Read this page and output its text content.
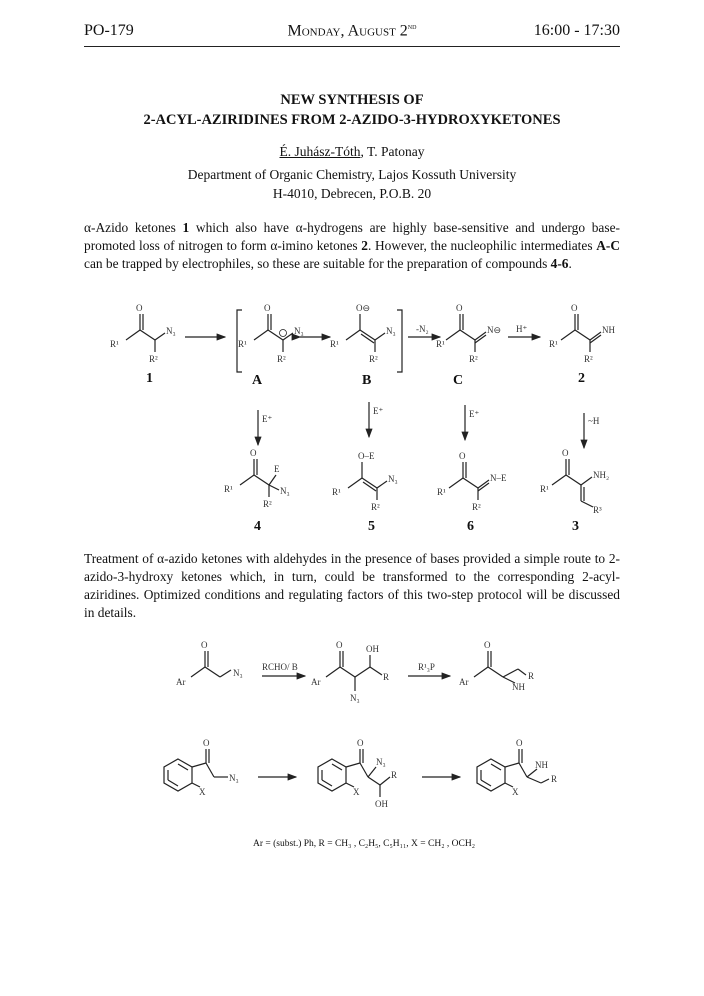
PO-179	Monday, August 2nd	16:00 - 17:30
NEW SYNTHESIS OF
2-ACYL-AZIRIDINES FROM 2-AZIDO-3-HYDROXYKETONES
É. Juhász-Tóth, T. Patonay
Department of Organic Chemistry, Lajos Kossuth University
H-4010, Debrecen, P.O.B. 20
α-Azido ketones 1 which also have α-hydrogens are highly base-sensitive and undergo base-promoted loss of nitrogen to form α-imino ketones 2. However, the nucleophilic intermediates A-C can be trapped by electrophiles, so these are suitable for the preparation of compounds 4-6.
Treatment of α-azido ketones with aldehydes in the presence of bases provided a simple route to 2-azido-3-hydroxy ketones which, in turn, could be transformed to the corresponding 2-acyl-aziridines. Optimized conditions and regulating factors of this two-step protocol will be discussed in details.
O
R¹
N₃
R²
1
O
R¹
N₃
R²
A
O⊖
R¹
N₃
R²
B
-N₂
O
R¹
N⊖
R²
C
H⁺
O
R¹
NH
R²
2
E⁺
E⁺	E⁺
~H
O
R¹
E
N₃
R²
4
O–E
R¹
N₃
R²
5
O
R¹
N–E
R²
6
O
R¹
NH₂
R³
3
O
Ar
N₃
RCHO/ B
O
Ar
OH
R
N₃
R¹₃P
O
Ar
R
NH
O
X
N₃
O
X
N₃
R
OH
O
X
NH
R
Ar = (subst.) Ph, R = CH₃ , C₂H₅, C₅H₁₁, X = CH₂ , OCH₂
